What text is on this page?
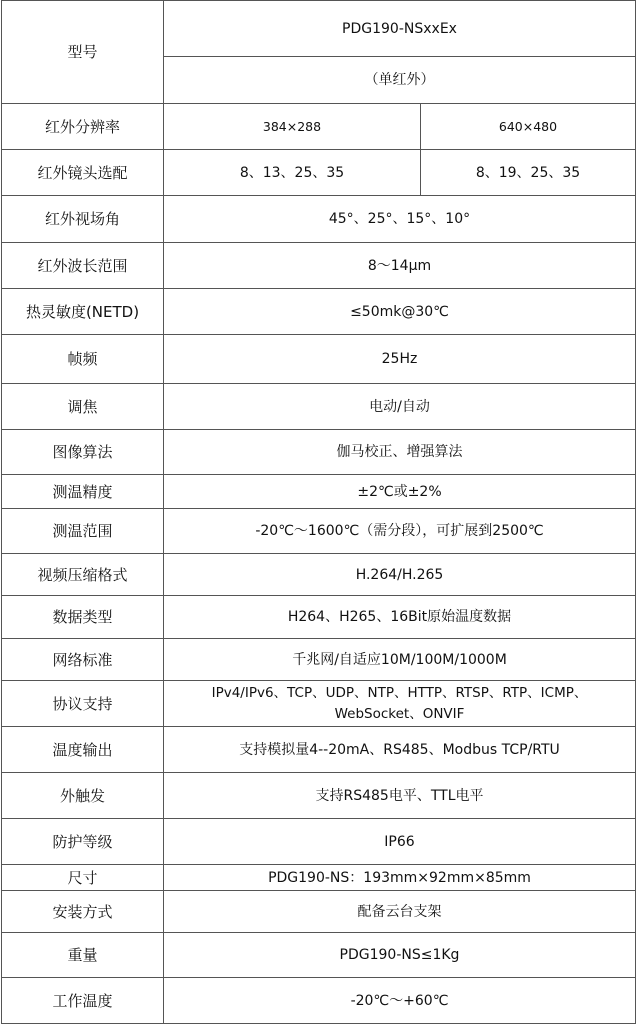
型号	PDG190-NSxxEx	
	（单红外）	
红外分辨率	384×288	640×480
红外镜头选配	8、13、25、35	8、19、25、35
红外视场角	45°、25°、15°、10°	
红外波长范围	8～14μm	
热灵敏度(NETD)	≤50mk@30℃	
帧频	25Hz	
调焦	电动/自动	
图像算法	伽马校正、增强算法	
测温精度	±2℃或±2%	
测温范围	-20℃～1600℃（需分段），可扩展到2500℃	
视频压缩格式	H.264/H.265	
数据类型	H264、H265、16Bit原始温度数据	
网络标准	千兆网/自适应10M/100M/1000M	
协议支持	IPv4/IPv6、TCP、UDP、NTP、HTTP、RTSP、RTP、ICMP、WebSocket、ONVIF	
温度输出	支持模拟量4--20mA、RS485、Modbus TCP/RTU	
外触发	支持RS485电平、TTL电平	
防护等级	IP66	
尺寸	PDG190-NS：193mm×92mm×85mm	
安装方式	配备云台支架	
重量	PDG190-NS≤1Kg	
工作温度	-20℃～+60℃	
